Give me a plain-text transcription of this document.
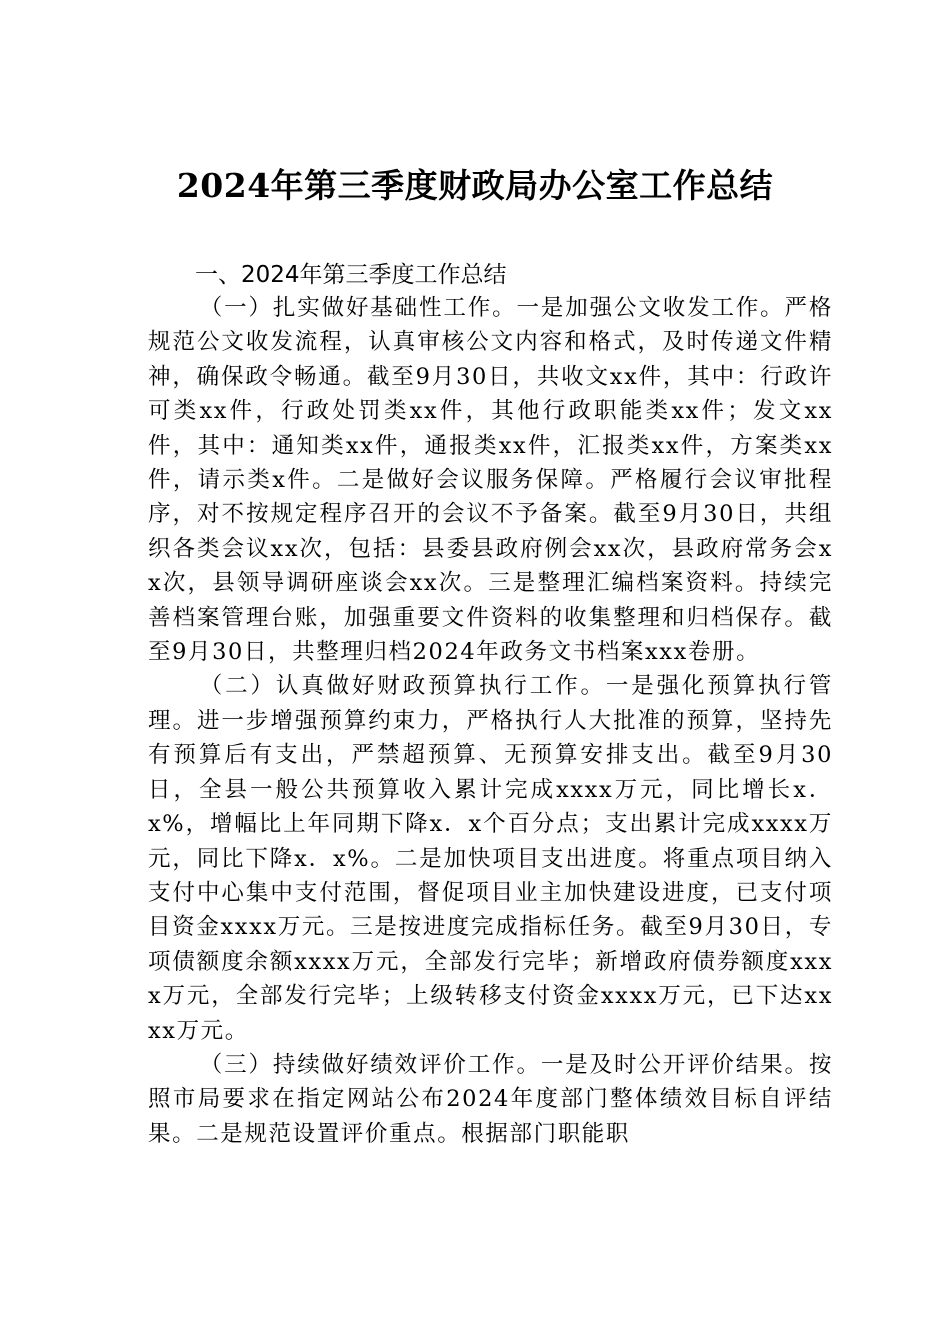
2024年第三季度财政局办公室工作总结
一、2024年第三季度工作总结

（一）扎实做好基础性工作。一是加强公文收发工作。严格规范公文收发流程，认真审核公文内容和格式，及时传递文件精神，确保政令畅通。截至9月30日，共收文xx件，其中：行政许可类xx件，行政处罚类xx件，其他行政职能类xx件；发文xx件，其中：通知类xx件，通报类xx件，汇报类xx件，方案类xx件，请示类x件。二是做好会议服务保障。严格履行会议审批程序，对不按规定程序召开的会议不予备案。截至9月30日，共组织各类会议xx次，包括：县委县政府例会xx次，县政府常务会xx次，县领导调研座谈会xx次。三是整理汇编档案资料。持续完善档案管理台账，加强重要文件资料的收集整理和归档保存。截至9月30日，共整理归档2024年政务文书档案xxx卷册。

（二）认真做好财政预算执行工作。一是强化预算执行管理。进一步增强预算约束力，严格执行人大批准的预算，坚持先有预算后有支出，严禁超预算、无预算安排支出。截至9月30日，全县一般公共预算收入累计完成xxxx万元，同比增长x．x%，增幅比上年同期下降x．x个百分点；支出累计完成xxxx万元，同比下降x．x%。二是加快项目支出进度。将重点项目纳入支付中心集中支付范围，督促项目业主加快建设进度，已支付项目资金xxxx万元。三是按进度完成指标任务。截至9月30日，专项债额度余额xxxx万元，全部发行完毕；新增政府债券额度xxxx万元，全部发行完毕；上级转移支付资金xxxx万元，已下达xxxx万元。

（三）持续做好绩效评价工作。一是及时公开评价结果。按照市局要求在指定网站公布2024年度部门整体绩效目标自评结果。二是规范设置评价重点。根据部门职能职
